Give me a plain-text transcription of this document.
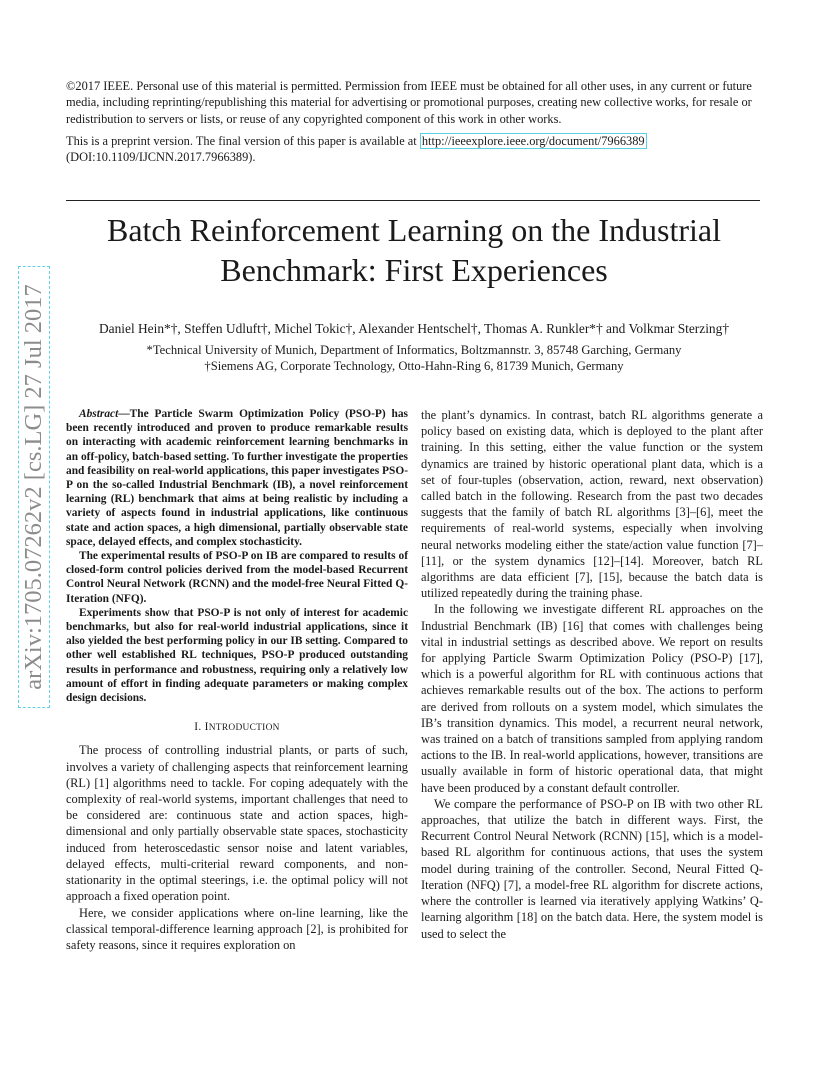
©2017 IEEE. Personal use of this material is permitted. Permission from IEEE must be obtained for all other uses, in any current or future media, including reprinting/republishing this material for advertising or promotional purposes, creating new collective works, for resale or redistribution to servers or lists, or reuse of any copyrighted component of this work in other works.

This is a preprint version. The final version of this paper is available at http://ieeexplore.ieee.org/document/7966389 (DOI:10.1109/IJCNN.2017.7966389).

Batch Reinforcement Learning on the Industrial
Benchmark: First Experiences
Daniel Hein*†, Steffen Udluft†, Michel Tokic†, Alexander Hentschel†, Thomas A. Runkler*† and Volkmar Sterzing†
*Technical University of Munich, Department of Informatics, Boltzmannstr. 3, 85748 Garching, Germany
†Siemens AG, Corporate Technology, Otto-Hahn-Ring 6, 81739 Munich, Germany
arXiv:1705.07262v2 [cs.LG] 27 Jul 2017	Abstract—The Particle Swarm Optimization Policy (PSO-P) has been recently introduced and proven to produce remarkable results on interacting with academic reinforcement learning benchmarks in an off-policy, batch-based setting. To further investigate the properties and feasibility on real-world applications, this paper investigates PSO-P on the so-called Industrial Benchmark (IB), a novel reinforcement learning (RL) benchmark that aims at being realistic by including a variety of aspects found in industrial applications, like continuous state and action spaces, a high dimensional, partially observable state space, delayed effects, and complex stochasticity.

The experimental results of PSO-P on IB are compared to results of closed-form control policies derived from the model-based Recurrent Control Neural Network (RCNN) and the model-free Neural Fitted Q-Iteration (NFQ).

Experiments show that PSO-P is not only of interest for academic benchmarks, but also for real-world industrial applications, since it also yielded the best performing policy in our IB setting. Compared to other well established RL techniques, PSO-P produced outstanding results in performance and robustness, requiring only a relatively low amount of effort in finding adequate parameters or making complex design decisions.

I. INTRODUCTION

The process of controlling industrial plants, or parts of such, involves a variety of challenging aspects that reinforcement learning (RL) [1] algorithms need to tackle. For coping adequately with the complexity of real-world systems, important challenges that need to be considered are: continuous state and action spaces, high-dimensional and only partially observable state spaces, stochasticity induced from heteroscedastic sensor noise and latent variables, delayed effects, multi-criterial reward components, and non-stationarity in the optimal steerings, i.e. the optimal policy will not approach a fixed operation point.

Here, we consider applications where on-line learning, like the classical temporal-difference learning approach [2], is prohibited for safety reasons, since it requires exploration on

the plant’s dynamics. In contrast, batch RL algorithms generate a policy based on existing data, which is deployed to the plant after training. In this setting, either the value function or the system dynamics are trained by historic operational plant data, which is a set of four-tuples (observation, action, reward, next observation) called batch in the following. Research from the past two decades suggests that the family of batch RL algorithms [3]–[6], meet the requirements of real-world systems, especially when involving neural networks modeling either the state/action value function [7]–[11], or the system dynamics [12]–[14]. Moreover, batch RL algorithms are data efficient [7], [15], because the batch data is utilized repeatedly during the training phase.

In the following we investigate different RL approaches on the Industrial Benchmark (IB) [16] that comes with challenges being vital in industrial settings as described above. We report on results for applying Particle Swarm Optimization Policy (PSO-P) [17], which is a powerful algorithm for RL with continuous actions that achieves remarkable results out of the box. The actions to perform are derived from rollouts on a system model, which simulates the IB’s transition dynamics. This model, a recurrent neural network, was trained on a batch of transitions sampled from applying random actions to the IB. In real-world applications, however, transitions are usually available in form of historic operational data, that might have been produced by a constant default controller.

We compare the performance of PSO-P on IB with two other RL approaches, that utilize the batch in different ways. First, the Recurrent Control Neural Network (RCNN) [15], which is a model-based RL algorithm for continuous actions, that uses the system model during training of the controller. Second, Neural Fitted Q-Iteration (NFQ) [7], a model-free RL algorithm for discrete actions, where the controller is learned via iteratively applying Watkins’ Q-learning algorithm [18] on the batch data. Here, the system model is used to select the
